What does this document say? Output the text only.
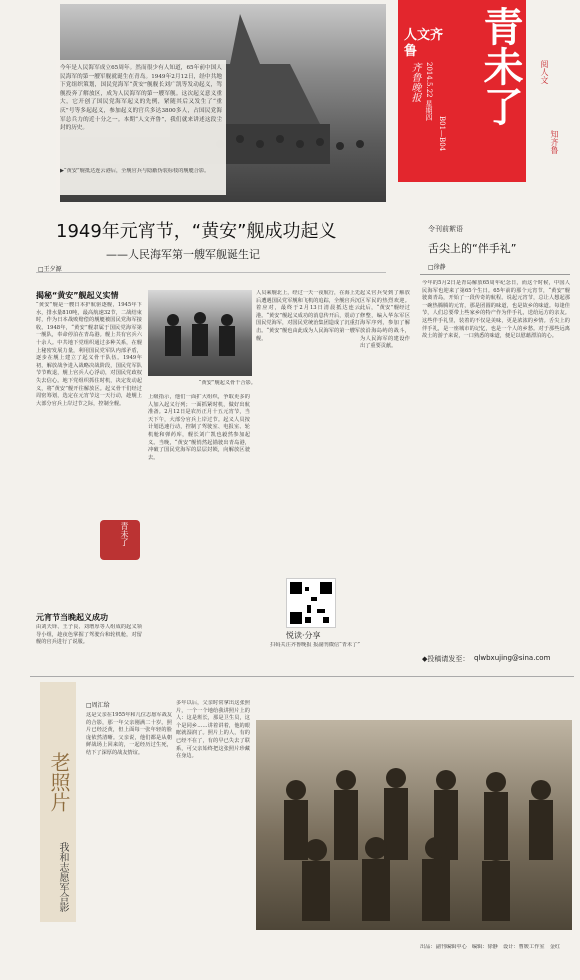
今年是人民海军成立65周年。然而很少有人知道，65年前中国人民海军的第一艘军舰就诞生在青岛。1949年2月12日，经中共地下党组织策划，国民党海军“黄安”舰舰长刘广凯等发动起义，驾舰投奔了解放区，成为人民海军的第一艘军舰。这次起义意义重大，它开创了国民党海军起义的先例，紧随其后又发生了“重庆”号等多起起义，参加起义的官兵多达3800多人，占国民党海军总兵力的近十分之一。本期“人文齐鲁”，我们就来讲述这段尘封的历史。
▶“黄安”舰抵达连云港后，全舰官兵与隐蔽伪装标枝的舰艇合影。
青未了
人文齐鲁
齐鲁晚报 2014.5.22 星期四
B01—B04
阅人文
知齐鲁
1949年元宵节，“黄安”舰成功起义
——人民海军第一艘军舰诞生记
□王夕源
揭秘“黄安”舰起义实情
“黄安”舰是一艘日本护航驱逐舰，1945年下水，排水量810吨，最高航速32节，二战结束时，作为日本战败赔偿的舰艇被国民党海军接收。1948年，“黄安”舰隶属于国民党海军第一舰队，奉命停泊在青岛港。舰上共有官兵六十余人。中共地下党组织通过多种关系，在舰上秘密发展力量，利用国民党军队内部矛盾，逐步在舰上建立了起义骨干队伍。1949年初，解放战争进入战略决战阶段，国民党军队节节败退，舰上官兵人心浮动，对国民党政权失去信心。地下党组织抓住时机，决定发动起义，将“黄安”舰开往解放区。起义骨干们经过周密筹划，选定在元宵节这一天行动，趁舰上大部分官兵上岸过节之际，控制全舰。
元宵节当晚起义成功
由刘天铎、王子良、刘增厚等人组成的起义领导小组，趁夜色掌握了驾驶台和轮机舱，对留舰的官兵进行了说服。
“黄安”舰起义骨干合影。
上级指示，他们一面扩大组织，争取更多的人加入起义行列；一面抓紧时机，做好出航准备。2月12日是农历正月十五元宵节，当天下午，大部分官兵上岸过节。起义人员按计划迅速行动，控制了驾驶室、电报室、轮机舱和弹药库，舰长刘广凯也毅然参加起义。当晚，“黄安”舰悄然起锚驶出青岛港，冲破了国民党海军的层层封锁，向解放区驶去。
人员乘舰北上，经过一天一夜航行，在海上先后遭遇国民党军舰和飞机的追踪，全舰官兵沉着应对，最终于2月13日清晨抵达连云港。“黄安”舰起义成功的消息传开后，震动了国民党海军，对国民党统治集团造成了沉重打击。“黄安”舰也由此成为人民海军的第一艘军舰。
起义官兵受到了解放区军民的热烈欢迎。此后，“黄安”舰经过修整，编入华东军区海军序列，参加了解放沿海岛屿的战斗，为人民海军的建设作出了重要贡献。
青未了
悦读·分享
扫码关注齐鲁晚报 报副刊微信“青未了”
令刊前絮语
舌尖上的“伴手礼”
□徐静
今年的5月2日是青岛解放65周年纪念日，而这个时候，中国人民海军也迎来了第65个生日。65年前的那个元宵节，“黄安”舰驶离青岛，开始了一段传奇的航程。说起元宵节，总让人想起那一碗热腾腾的元宵，那是团圆的味道，也是故乡的味道。每逢佳节，人们总要带上些家乡的特产作为伴手礼，送给远方的亲友。这些伴手礼里，装着的不仅是美味，更是浓浓的乡情。舌尖上的伴手礼，是一座城市的记忆，也是一个人的乡愁。对于那些远离故土的游子来说，一口熟悉的味道，便足以慰藉漂泊的心。
◆投稿请发至： qlwbxujing@sina.com
老照片
我和志愿军合影
□周汇给
这是父亲在1955年和几位志愿军战友的合影，那一年父亲刚满二十岁。照片已经泛黄，但上面每一张年轻的脸庞依然清晰。父亲说，他们都是从朝鲜战场上回来的，一起经历过生死，结下了深厚的战友情谊。
多年以后，父亲时常拿出这张照片，一个一个地给我讲照片上的人：这是班长，那是卫生员，这个是同乡……讲着讲着，他的眼眶就湿润了。照片上的人，有的已经不在了，有的早已失去了联系，可父亲始终把这张照片珍藏在身边。
出品：副刊编辑中心　编辑：徐静　设计：曹媛工作室　金红
